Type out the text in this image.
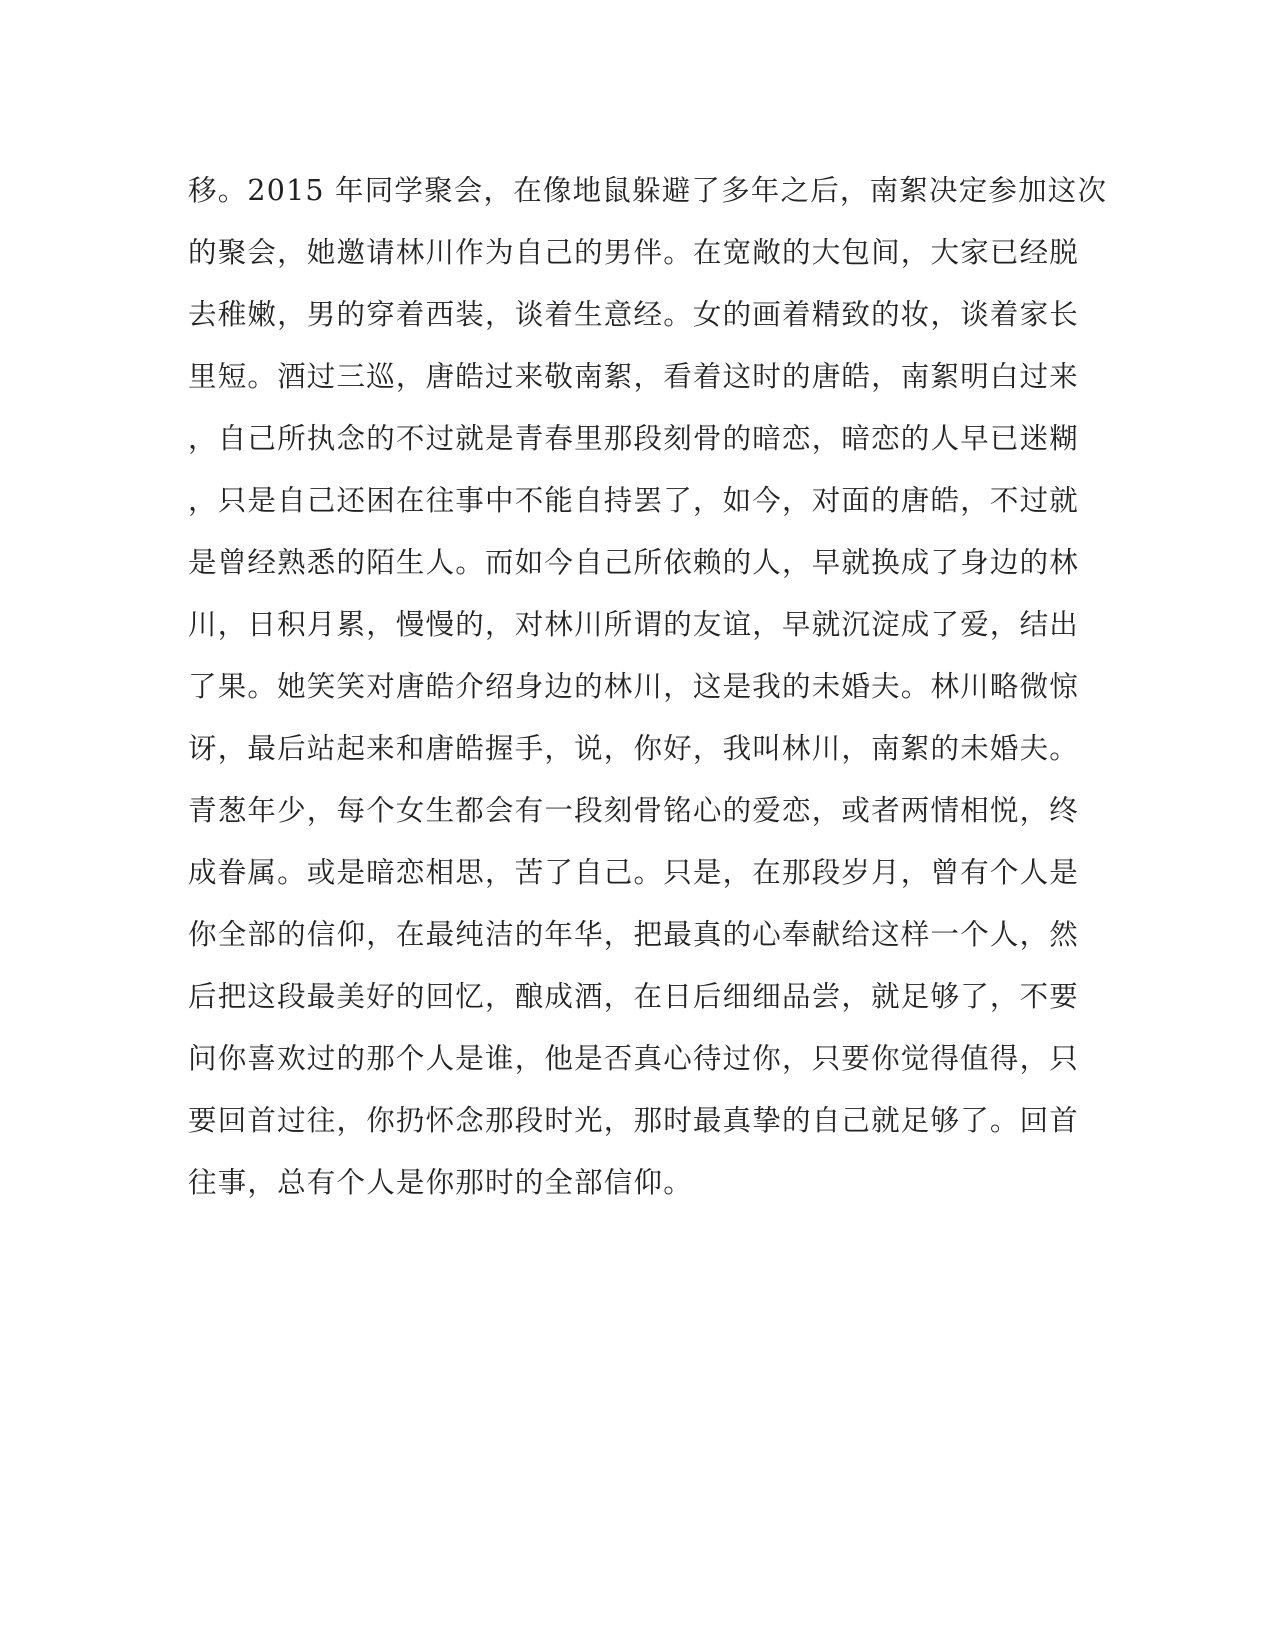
移。2015 年同学聚会，在像地鼠躲避了多年之后，南絮决定参加这次
的聚会，她邀请林川作为自己的男伴。在宽敞的大包间，大家已经脱
去稚嫩，男的穿着西装，谈着生意经。女的画着精致的妆，谈着家长
里短。酒过三巡，唐皓过来敬南絮，看着这时的唐皓，南絮明白过来
，自己所执念的不过就是青春里那段刻骨的暗恋，暗恋的人早已迷糊
，只是自己还困在往事中不能自持罢了，如今，对面的唐皓，不过就
是曾经熟悉的陌生人。而如今自己所依赖的人，早就换成了身边的林
川，日积月累，慢慢的，对林川所谓的友谊，早就沉淀成了爱，结出
了果。她笑笑对唐皓介绍身边的林川，这是我的未婚夫。林川略微惊
讶，最后站起来和唐皓握手，说，你好，我叫林川，南絮的未婚夫。
青葱年少，每个女生都会有一段刻骨铭心的爱恋，或者两情相悦，终
成眷属。或是暗恋相思，苦了自己。只是，在那段岁月，曾有个人是
你全部的信仰，在最纯洁的年华，把最真的心奉献给这样一个人，然
后把这段最美好的回忆，酿成酒，在日后细细品尝，就足够了，不要
问你喜欢过的那个人是谁，他是否真心待过你，只要你觉得值得，只
要回首过往，你扔怀念那段时光，那时最真挚的自己就足够了。回首
往事，总有个人是你那时的全部信仰。
